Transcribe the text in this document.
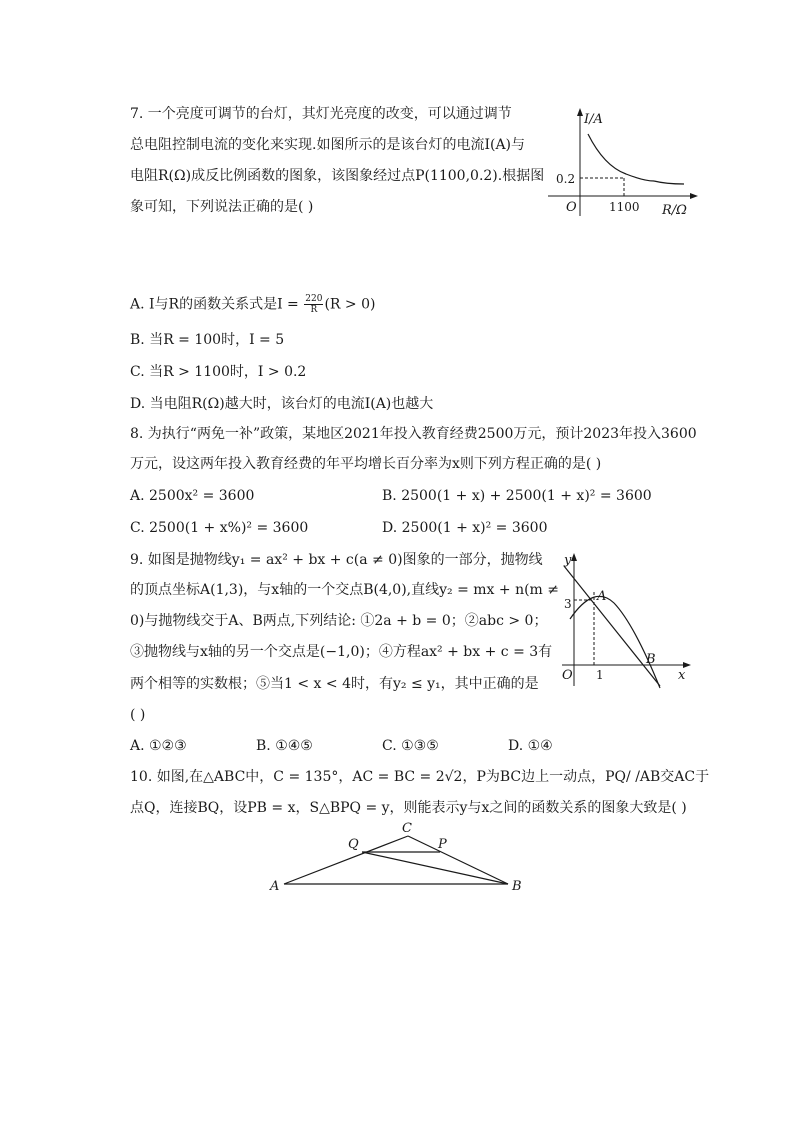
7. 一个亮度可调节的台灯，其灯光亮度的改变，可以通过调节
总电阻控制电流的变化来实现.如图所示的是该台灯的电流I(A)与
电阻R(Ω)成反比例函数的图象，该图象经过点P(1100,0.2).根据图
象可知，下列说法正确的是( )
I/A
R/Ω
O
0.2
1100
A. I与R的函数关系式是$I = \frac{220}{R} (R > 0)$
B. 当R = 100时，I = 5
C. 当R > 1100时，I > 0.2
D. 当电阻R(Ω)越大时，该台灯的电流I(A)也越大
8. 为执行“两免一补”政策，某地区2021年投入教育经费2500万元，预计2023年投入3600
万元，设这两年投入教育经费的年平均增长百分率为x则下列方程正确的是( )
A. 2500x² = 3600	B. 2500(1 + x) + 2500(1 + x)² = 3600
C. 2500(1 + x%)² = 3600	D. 2500(1 + x)² = 3600
9. 如图是抛物线y₁ = ax² + bx + c(a ≠ 0)图象的一部分，抛物线
的顶点坐标A(1,3)，与x轴的一个交点B(4,0),直线y₂ = mx + n(m ≠
0)与抛物线交于A、B两点,下列结论: ①2a + b = 0；②abc > 0；
③抛物线与x轴的另一个交点是(−1,0)；④方程ax² + bx + c = 3有
两个相等的实数根；⑤当1 < x < 4时，有y₂ ≤ y₁，其中正确的是
( )
y
x
O
3
1
A
B
A. ①②③	B. ①④⑤	C. ①③⑤	D. ①④
10. 如图,在△ABC中，C = 135°，AC = BC = 2√2，P为BC边上一动点，PQ/ /AB交AC于
点Q，连接BQ，设PB = x，S△BPQ = y，则能表示y与x之间的函数关系的图象大致是( )
A	B
C
P
Q
